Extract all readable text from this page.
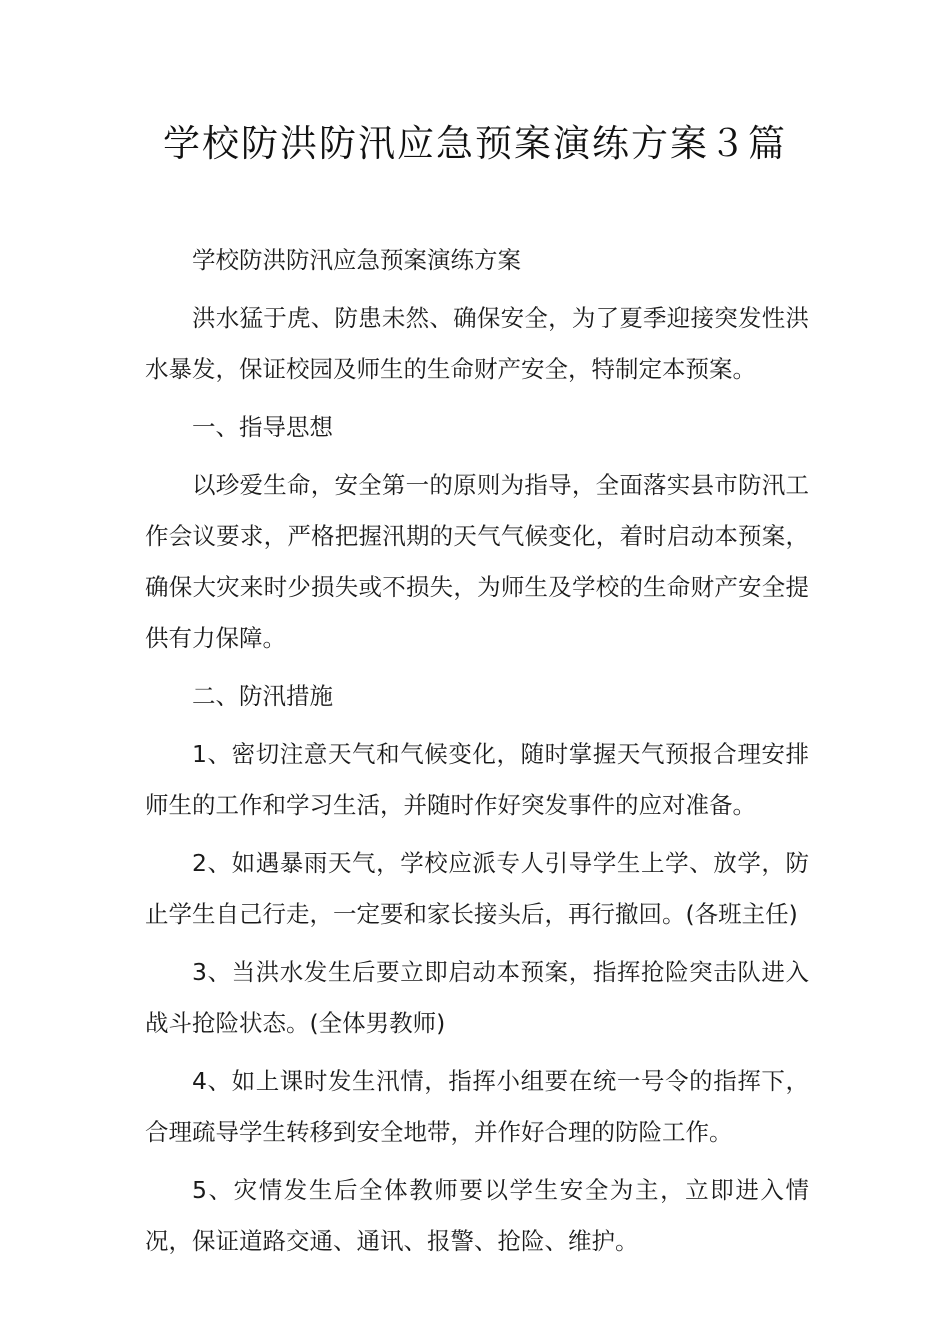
学校防洪防汛应急预案演练方案３篇

学校防洪防汛应急预案演练方案

洪水猛于虎、防患未然、确保安全，为了夏季迎接突发性洪水暴发，保证校园及师生的生命财产安全，特制定本预案。

一、指导思想

以珍爱生命，安全第一的原则为指导，全面落实县市防汛工作会议要求，严格把握汛期的天气气候变化，着时启动本预案，确保大灾来时少损失或不损失，为师生及学校的生命财产安全提供有力保障。

二、防汛措施

1、密切注意天气和气候变化，随时掌握天气预报合理安排师生的工作和学习生活，并随时作好突发事件的应对准备。

2、如遇暴雨天气，学校应派专人引导学生上学、放学，防止学生自己行走，一定要和家长接头后，再行撤回。(各班主任)

3、当洪水发生后要立即启动本预案，指挥抢险突击队进入战斗抢险状态。(全体男教师)

4、如上课时发生汛情，指挥小组要在统一号令的指挥下，合理疏导学生转移到安全地带，并作好合理的防险工作。

5、灾情发生后全体教师要以学生安全为主，立即进入情况，保证道路交通、通讯、报警、抢险、维护。
